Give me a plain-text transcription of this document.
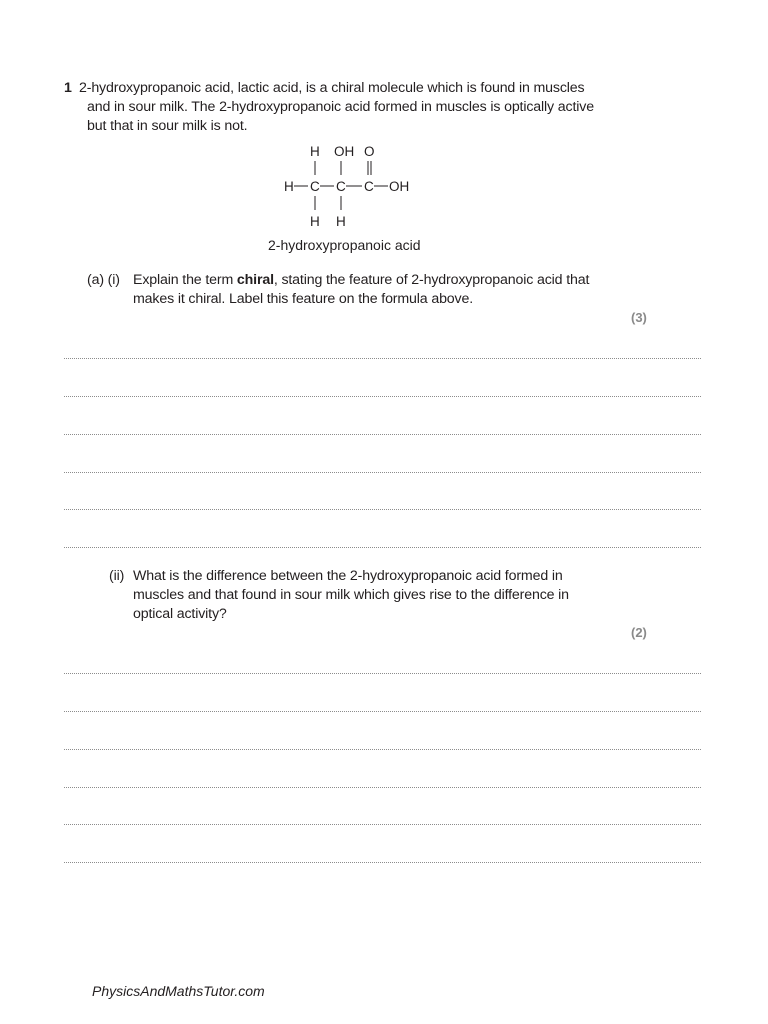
1 2-hydroxypropanoic acid, lactic acid, is a chiral molecule which is found in muscles
and in sour milk. The 2-hydroxypropanoic acid formed in muscles is optically active
but that in sour milk is not.
H OH O
H C C C OH
H H
2-hydroxypropanoic acid
(a) (i) Explain the term chiral, stating the feature of 2-hydroxypropanoic acid that
makes it chiral. Label this feature on the formula above.
(3)
(ii) What is the difference between the 2-hydroxypropanoic acid formed in
muscles and that found in sour milk which gives rise to the difference in
optical activity?
(2)
PhysicsAndMathsTutor.com
